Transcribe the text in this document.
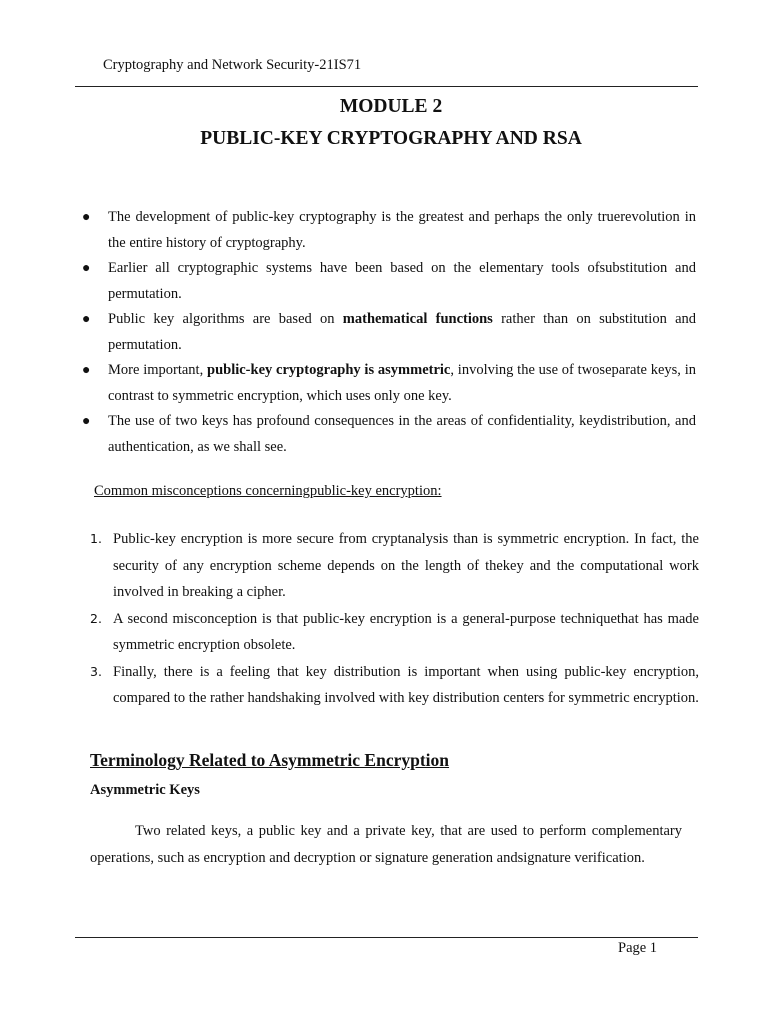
Cryptography and Network Security-21IS71
MODULE 2
PUBLIC-KEY CRYPTOGRAPHY AND RSA
● The development of public-key cryptography is the greatest and perhaps the only truerevolution in the entire history of cryptography.
● Earlier all cryptographic systems have been based on the elementary tools ofsubstitution and permutation.
● Public key algorithms are based on mathematical functions rather than on substitution and permutation.
● More important, public-key cryptography is asymmetric, involving the use of twoseparate keys, in contrast to symmetric encryption, which uses only one key.
● The use of two keys has profound consequences in the areas of confidentiality, keydistribution, and authentication, as we shall see.
Common misconceptions concerningpublic-key encryption:
1. Public-key encryption is more secure from cryptanalysis than is symmetric encryption. In fact, the security of any encryption scheme depends on the length of thekey and the computational work involved in breaking a cipher.
2. A second misconception is that public-key encryption is a general-purpose techniquethat has made symmetric encryption obsolete.
3. Finally, there is a feeling that key distribution is important when using public-key encryption, compared to the rather handshaking involved with key distribution centers for symmetric encryption.
Terminology Related to Asymmetric Encryption
Asymmetric Keys
Two related keys, a public key and a private key, that are used to perform complementary operations, such as encryption and decryption or signature generation andsignature verification.
Page 1
